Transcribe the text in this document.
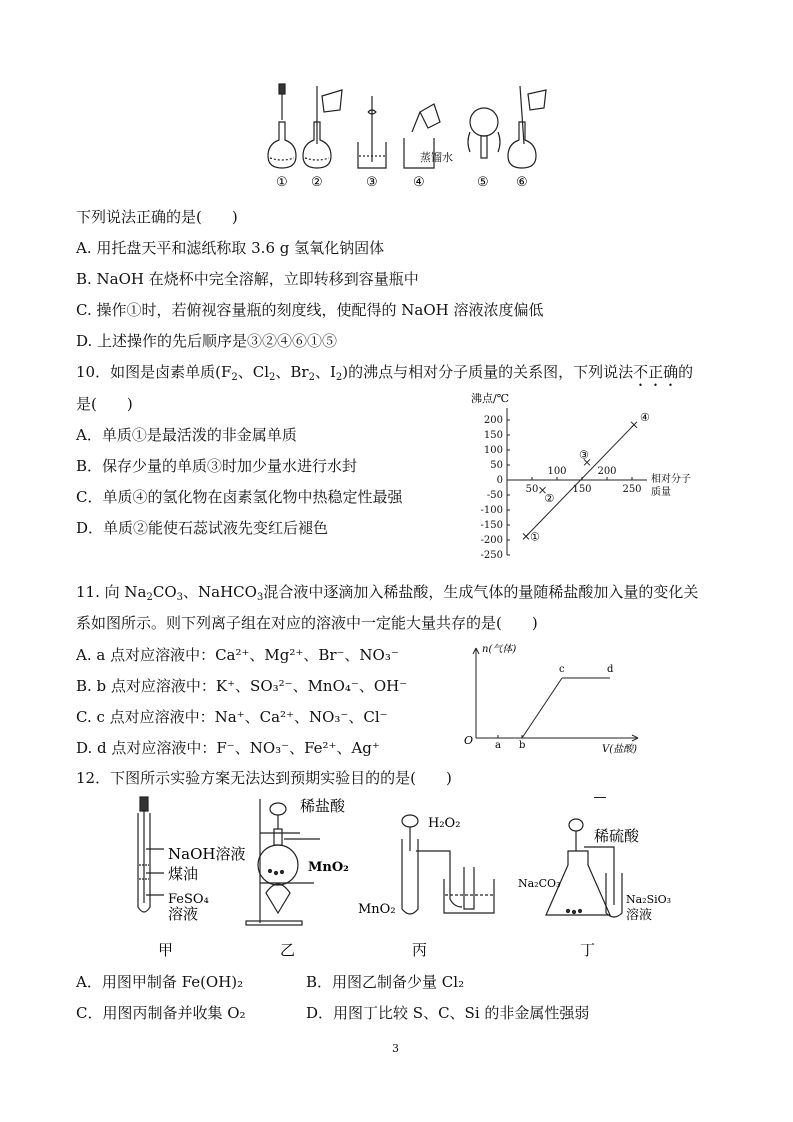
蒸馏水
① ②	③	④	⑤ ⑥
下列说法正确的是(　　)
A. 用托盘天平和滤纸称取 3.6 g 氢氧化钠固体
B. NaOH 在烧杯中完全溶解，立即转移到容量瓶中
C. 操作①时，若俯视容量瓶的刻度线，使配得的 NaOH 溶液浓度偏低
D. 上述操作的先后顺序是③②④⑥①⑤
10．如图是卤素单质($F_2$、$Cl_2$、$Br_2$、$I_2$)的沸点与相对分子质量的关系图，下列说法不正确的
是(　　)
A．单质①是最活泼的非金属单质
B．保存少量的单质③时加少量水进行水封
C．单质④的氢化物在卤素氢化物中热稳定性最强
D．单质②能使石蕊试液先变红后褪色
200
150
100
50
0
-50
-100
-150
-200
-250
50
100
150
200
250
①
②
③
④
沸点/℃
相对分子质量
11. 向 $Na_2CO_3$、NaHCO$_3$混合液中逐滴加入稀盐酸，生成气体的量随稀盐酸加入量的变化关
系如图所示。则下列离子组在对应的溶液中一定能大量共存的是(　　)
A. a 点对应溶液中：Ca²⁺、Mg²⁺、Br⁻、NO₃⁻
B. b 点对应溶液中：K⁺、SO₃²⁻、MnO₄⁻、OH⁻
C. c 点对应溶液中：Na⁺、Ca²⁺、NO₃⁻、Cl⁻
D. d 点对应溶液中：F⁻、NO₃⁻、Fe²⁺、Ag⁺
n(气体)
V(盐酸)
O a b
c	d
12．下图所示实验方案无法达到预期实验目的的是(　　)
NaOH溶液
煤油
FeSO₄
溶液
稀盐酸
MnO₂
H₂O₂
MnO₂
稀硫酸
Na₂CO₃
Na₂SiO₃
溶液
甲	乙	丙	丁
A．用图甲制备 Fe(OH)₂	B．用图乙制备少量 Cl₂
C．用图丙制备并收集 O₂	D．用图丁比较 S、C、Si 的非金属性强弱
3
